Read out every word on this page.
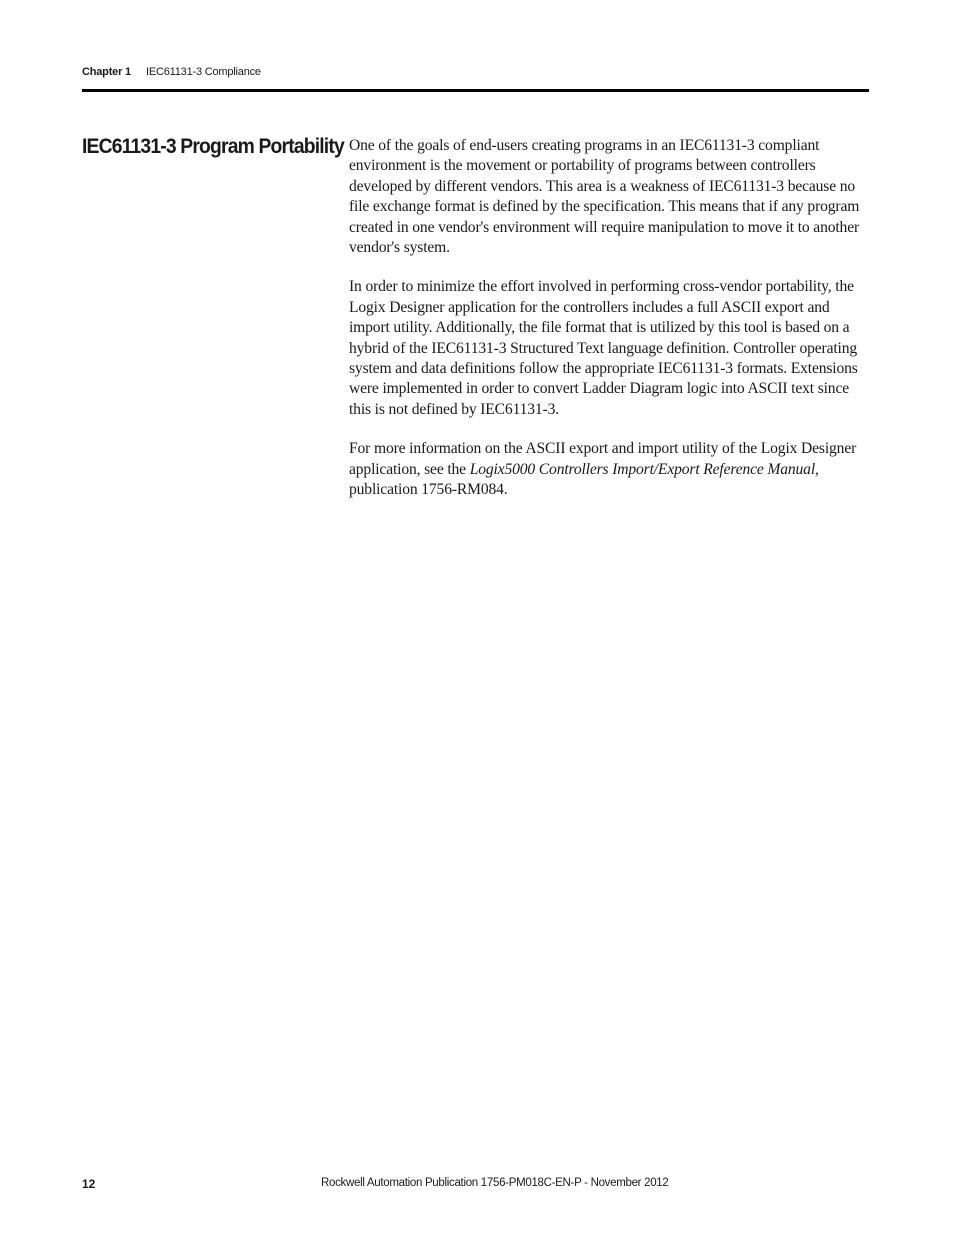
Chapter 1 IEC61131-3 Compliance
IEC61131-3 Program Portability One of the goals of end-users creating programs in an IEC61131-3 compliant environment is the movement or portability of programs between controllers developed by different vendors. This area is a weakness of IEC61131-3 because no file exchange format is defined by the specification. This means that if any program created in one vendor's environment will require manipulation to move it to another vendor's system.

In order to minimize the effort involved in performing cross-vendor portability, the Logix Designer application for the controllers includes a full ASCII export and import utility. Additionally, the file format that is utilized by this tool is based on a hybrid of the IEC61131-3 Structured Text language definition. Controller operating system and data definitions follow the appropriate IEC61131-3 formats. Extensions were implemented in order to convert Ladder Diagram logic into ASCII text since this is not defined by IEC61131-3.

For more information on the ASCII export and import utility of the Logix Designer application, see the Logix5000 Controllers Import/Export Reference Manual, publication 1756-RM084.

12	Rockwell Automation Publication 1756-PM018C-EN-P - November 2012
